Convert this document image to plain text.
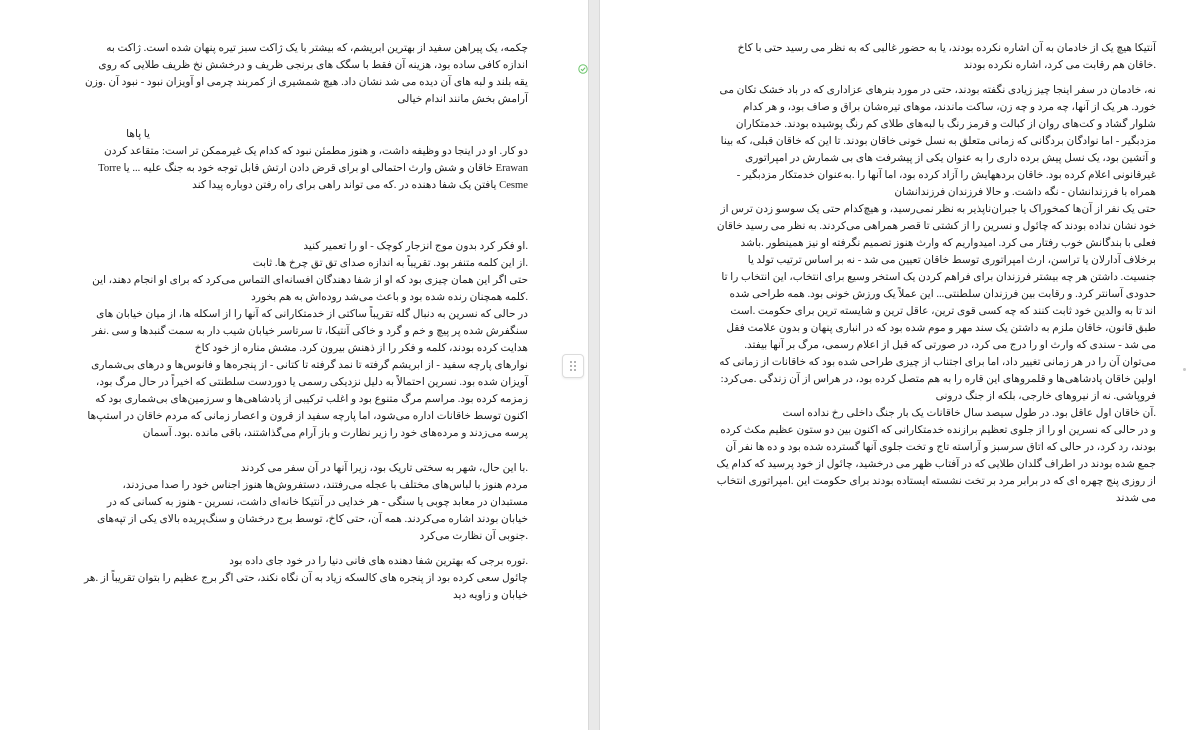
چکمه، یک پیراهن سفید از بهترین ابریشم، که بیشتر با یک ژاکت سبز تیره پنهان شده است. ژاکت به اندازه کافی ساده بود، هزینه آن فقط با سگک های برنجی ظریف و درخشش نخ ظریف طلایی که روی یقه بلند و لبه های آن دیده می شد نشان داد. هیچ شمشیری از کمربند چرمی او آویزان نبود - نبود آن .وزن آرامش بخش مانند اندام خیالی

یا پاها

دو کار. او در اینجا دو وظیفه داشت، و هنوز مطمئن نبود که کدام یک غیرممکن تر است: متقاعد کردن Erawan خاقان و شش وارث احتمالی او برای قرض دادن ارتش قابل توجه خود به جنگ علیه ... یا Torre Cesme یافتن یک شفا دهنده در .که می تواند راهی برای راه رفتن دوباره پیدا کند

.او فکر کرد بدون موج انزجار کوچک - او را تعمیر کنید

.از این کلمه متنفر بود. تقریباً به اندازه صدای تق تق چرخ ها. ثابت

حتی اگر این همان چیزی بود که او از شفا دهندگان افسانه‌ای التماس می‌کرد که برای او انجام دهند، این .کلمه همچنان رنده شده بود و باعث می‌شد روده‌اش به هم بخورد

در حالی که نسرین به دنبال گله تقریباً ساکتی از خدمتکارانی که آنها را از اسکله ها، از میان خیابان های سنگفرش شده پر پیچ و خم و گرد و خاکی آنتیکا، تا سرتاسر خیابان شیب دار به سمت گنبدها و سی .نفر هدایت کرده بودند، کلمه و فکر را از ذهنش بیرون کرد. مشش مناره از خود کاخ

نوارهای پارچه سفید - از ابریشم گرفته تا نمد گرفته تا کتانی - از پنجره‌ها و فانوس‌ها و درهای بی‌شماری آویزان شده بود. نسرین احتمالاً به دلیل نزدیکی رسمی یا دوردست سلطنتی که اخیراً در حال مرگ بود، زمزمه کرده بود. مراسم مرگ متنوع بود و اغلب ترکیبی از پادشاهی‌ها و سرزمین‌های بی‌شماری بود که اکنون توسط خاقانات اداره می‌شود، اما پارچه سفید از قرون و اعصار زمانی که مردم خاقان در استپ‌ها پرسه می‌زدند و مرده‌های خود را زیر نظارت و باز آرام می‌گذاشتند، باقی مانده .بود. آسمان

.با این حال، شهر به سختی تاریک بود، زیرا آنها در آن سفر می کردند

مردم هنوز با لباس‌های مختلف با عجله می‌رفتند، دستفروش‌ها هنوز اجناس خود را صدا می‌زدند، مستبدان در معابد چوبی یا سنگی - هر خدایی در آنتیکا خانه‌ای داشت، نسرین - هنوز به کسانی که در خیابان بودند اشاره می‌کردند. همه آن، حتی کاخ، توسط برج درخشان و سنگ‌پریده بالای یکی از تپه‌های .جنوبی آن نظارت می‌کرد

.توره برجی که بهترین شفا دهنده های فانی دنیا را در خود جای داده بود

چائول سعی کرده بود از پنجره های کالسکه زیاد به آن نگاه نکند، حتی اگر برج عظیم را بتوان تقریباً از .هر خیابان و زاویه دید

آنتیکا هیچ یک از خادمان به آن اشاره نکرده بودند، یا به حضور غالبی که به نظر می رسید حتی با کاخ .خاقان هم رقابت می کرد، اشاره نکرده بودند

نه، خادمان در سفر اینجا چیز زیادی نگفته بودند، حتی در مورد بنرهای عزاداری که در باد خشک تکان می خورد. هر یک از آنها، چه مرد و چه زن، ساکت ماندند، موهای تیره‌شان براق و صاف بود، و هر کدام شلوار گشاد و کت‌های روان از کبالت و قرمز رنگ با لبه‌های طلای کم رنگ پوشیده بودند. خدمتکاران مزدبگیر - اما نوادگان بردگانی که زمانی متعلق به نسل خونی خاقان بودند. تا این که خاقان قبلی، که بینا و آتشین بود، یک نسل پیش برده داری را به عنوان یکی از پیشرفت های بی شمارش در امپراتوری غیرقانونی اعلام کرده بود. خاقان بردههایش را آزاد کرده بود، اما آنها را .به‌عنوان خدمتکار مزدبگیر - همراه با فرزندانشان - نگه داشت. و حالا فرزندان فرزندانشان

حتی یک نفر از آن‌ها کمخوراک یا جبران‌ناپذیر به نظر نمی‌رسید، و هیچ‌کدام حتی یک سوسو زدن ترس از خود نشان نداده بودند که چائول و نسرین را از کشتی تا قصر همراهی می‌کردند. به نظر می رسید خاقان فعلی با بندگانش خوب رفتار می کرد. امیدواریم که وارث هنوز تصمیم نگرفته او نیز همینطور .باشد

برخلاف آدارلان یا تراسن، ارث امپراتوری توسط خاقان تعیین می شد - نه بر اساس ترتیب تولد یا جنسیت. داشتن هر چه بیشتر فرزندان برای فراهم کردن یک استخر وسیع برای انتخاب، این انتخاب را تا حدودی آسانتر کرد. و رقابت بین فرزندان سلطنتی... این عملاً یک ورزش خونی بود. همه طراحی شده اند تا به والدین خود ثابت کنند که چه کسی قوی ترین، عاقل ترین و شایسته ترین برای حکومت .است

طبق قانون، خاقان ملزم به داشتن یک سند مهر و موم شده بود که در انباری پنهان و بدون علامت فقل می شد - سندی که وارث او را درج می کرد، در صورتی که قبل از اعلام رسمی، مرگ بر آنها بیفتد. می‌توان آن را در هر زمانی تغییر داد، اما برای اجتناب از چیزی طراحی شده بود که خاقانات از زمانی که اولین خاقان پادشاهی‌ها و قلمروهای این قاره را به هم متصل کرده بود، در هراس از آن زندگی .می‌کرد: فروپاشی. نه از نیروهای خارجی، بلکه از جنگ درونی

.آن خاقان اول عاقل بود. در طول سیصد سال خاقانات یک بار جنگ داخلی رخ نداده است

و در حالی که نسرین او را از جلوی تعظیم برازنده خدمتکارانی که اکنون بین دو ستون عظیم مکث کرده بودند، رد کرد، در حالی که اتاق سرسبز و آراسته تاج و تخت جلوی آنها گسترده شده بود و ده ها نفر آن جمع شده بودند در اطراف گلدان طلایی که در آفتاب ظهر می درخشید، چائول از خود پرسید که کدام یک از روزی پنج چهره ای که در برابر مرد بر تخت نشسته ایستاده بودند برای حکومت این .امپراتوری انتخاب می شدند
